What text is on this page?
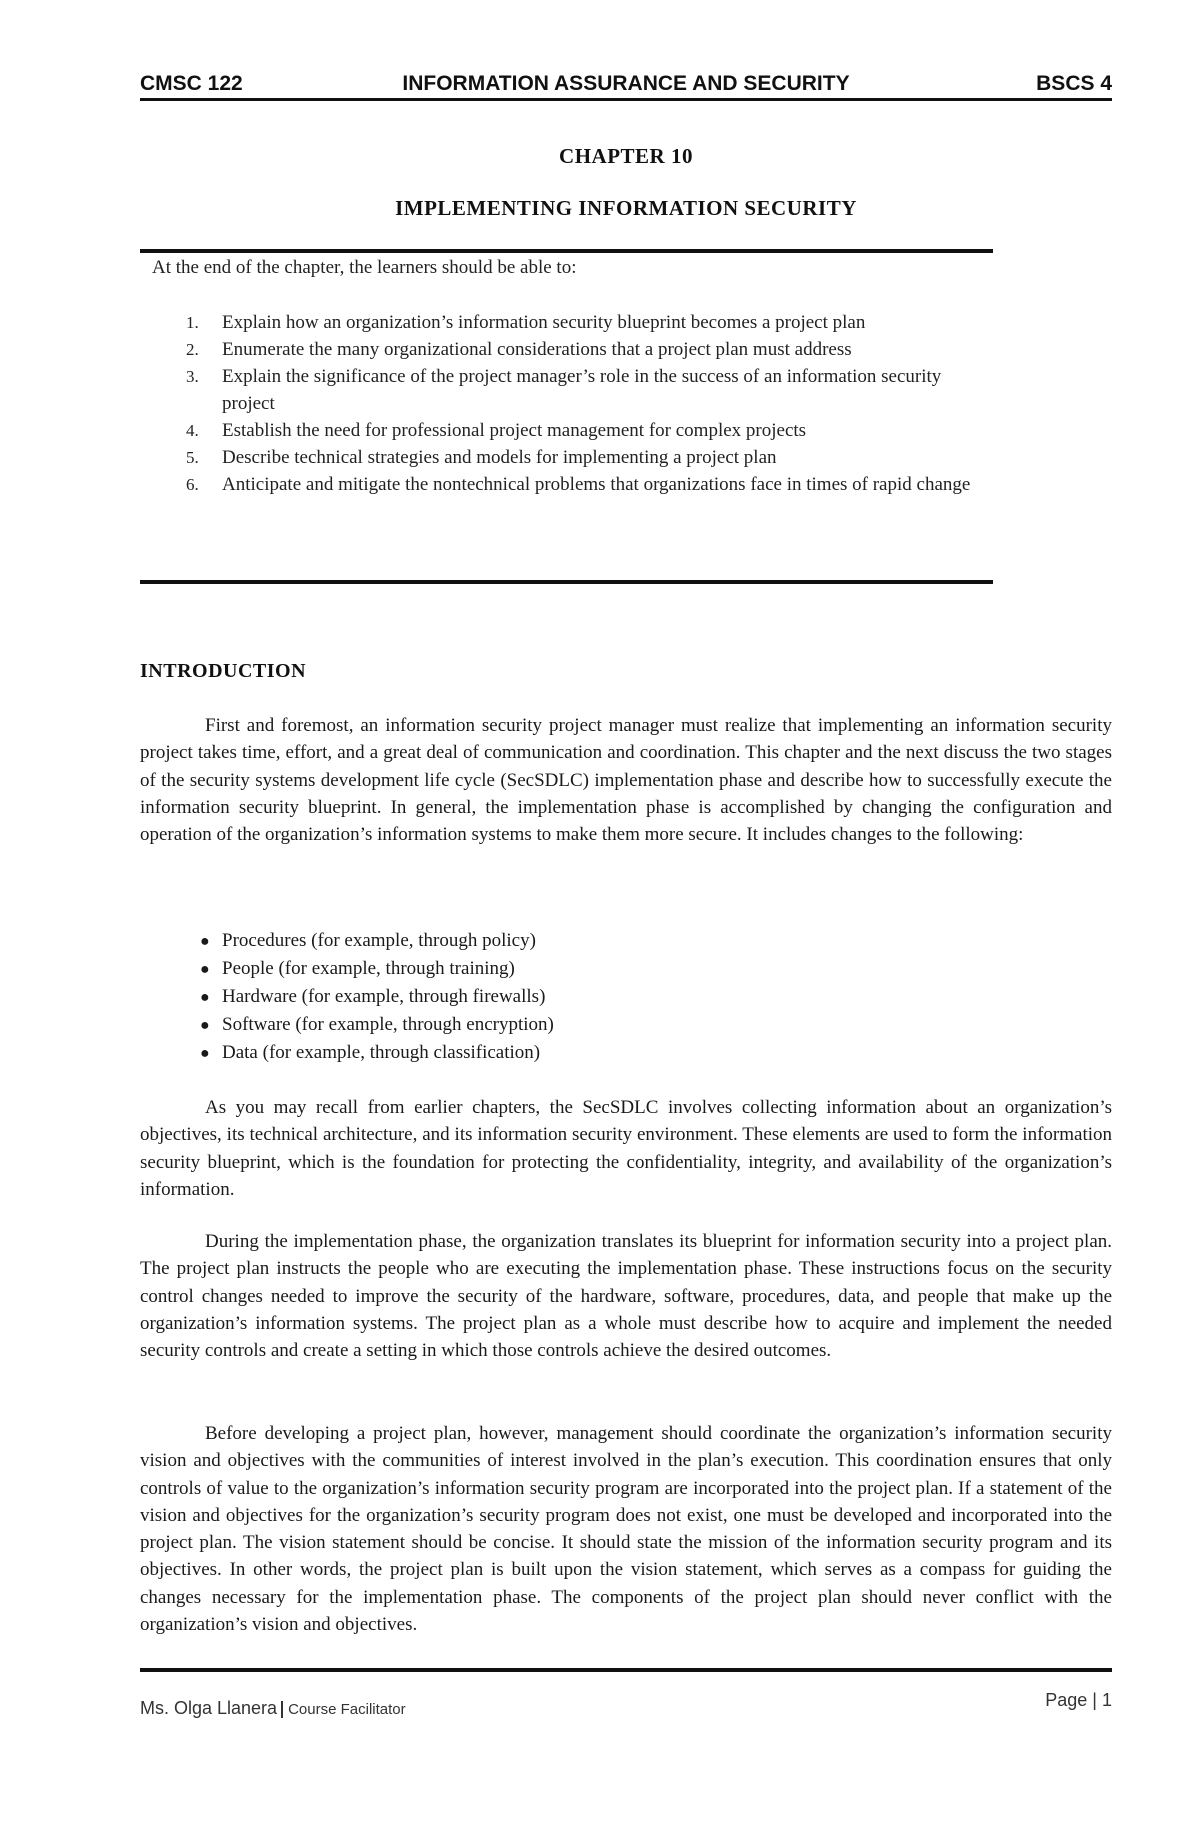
CMSC 122	INFORMATION ASSURANCE AND SECURITY	BSCS 4
CHAPTER 10
IMPLEMENTING INFORMATION SECURITY
At the end of the chapter, the learners should be able to:
1. Explain how an organization’s information security blueprint becomes a project plan
2. Enumerate the many organizational considerations that a project plan must address
3. Explain the significance of the project manager’s role in the success of an information security project
4. Establish the need for professional project management for complex projects
5. Describe technical strategies and models for implementing a project plan
6. Anticipate and mitigate the nontechnical problems that organizations face in times of rapid change
INTRODUCTION

First and foremost, an information security project manager must realize that implementing an information security project takes time, effort, and a great deal of communication and coordination. This chapter and the next discuss the two stages of the security systems development life cycle (SecSDLC) implementation phase and describe how to successfully execute the information security blueprint. In general, the implementation phase is accomplished by changing the configuration and operation of the organization’s information systems to make them more secure. It includes changes to the following:

● Procedures (for example, through policy)
● People (for example, through training)
● Hardware (for example, through firewalls)
● Software (for example, through encryption)
● Data (for example, through classification)

As you may recall from earlier chapters, the SecSDLC involves collecting information about an organization’s objectives, its technical architecture, and its information security environment. These elements are used to form the information security blueprint, which is the foundation for protecting the confidentiality, integrity, and availability of the organization’s information.

During the implementation phase, the organization translates its blueprint for information security into a project plan. The project plan instructs the people who are executing the implementation phase. These instructions focus on the security control changes needed to improve the security of the hardware, software, procedures, data, and people that make up the organization’s information systems. The project plan as a whole must describe how to acquire and implement the needed security controls and create a setting in which those controls achieve the desired outcomes.

Before developing a project plan, however, management should coordinate the organization’s information security vision and objectives with the communities of interest involved in the plan’s execution. This coordination ensures that only controls of value to the organization’s information security program are incorporated into the project plan. If a statement of the vision and objectives for the organization’s security program does not exist, one must be developed and incorporated into the project plan. The vision statement should be concise. It should state the mission of the information security program and its objectives. In other words, the project plan is built upon the vision statement, which serves as a compass for guiding the changes necessary for the implementation phase. The components of the project plan should never conflict with the organization’s vision and objectives.

Ms. Olga Llanera Course Facilitator	Page | 1
